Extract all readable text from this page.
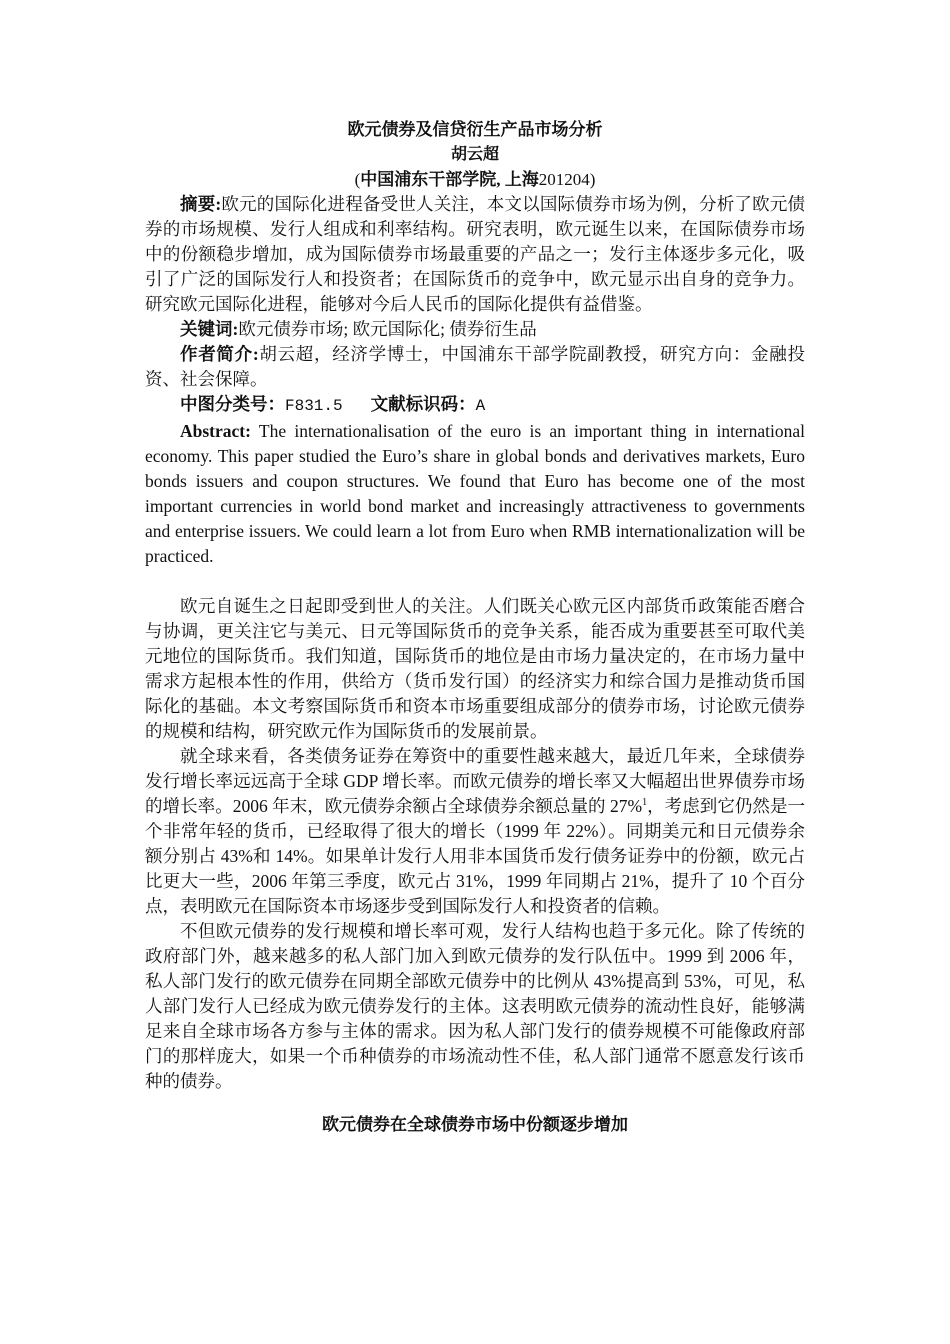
欧元债券及信贷衍生产品市场分析
胡云超
(中国浦东干部学院, 上海201204)

摘要:欧元的国际化进程备受世人关注，本文以国际债券市场为例，分析了欧元债券的市场规模、发行人组成和利率结构。研究表明，欧元诞生以来，在国际债券市场中的份额稳步增加，成为国际债券市场最重要的产品之一；发行主体逐步多元化，吸引了广泛的国际发行人和投资者；在国际货币的竞争中，欧元显示出自身的竞争力。研究欧元国际化进程，能够对今后人民币的国际化提供有益借鉴。

关键词:欧元债券市场; 欧元国际化; 债券衍生品

作者简介:胡云超，经济学博士，中国浦东干部学院副教授，研究方向：金融投资、社会保障。

中图分类号：F831.5 文献标识码：A

Abstract: The internationalisation of the euro is an important thing in international economy. This paper studied the Euro’s share in global bonds and derivatives markets, Euro bonds issuers and coupon structures. We found that Euro has become one of the most important currencies in world bond market and increasingly attractiveness to governments and enterprise issuers. We could learn a lot from Euro when RMB internationalization will be practiced.

欧元自诞生之日起即受到世人的关注。人们既关心欧元区内部货币政策能否磨合与协调，更关注它与美元、日元等国际货币的竞争关系，能否成为重要甚至可取代美元地位的国际货币。我们知道，国际货币的地位是由市场力量决定的，在市场力量中需求方起根本性的作用，供给方（货币发行国）的经济实力和综合国力是推动货币国际化的基础。本文考察国际货币和资本市场重要组成部分的债券市场，讨论欧元债券的规模和结构，研究欧元作为国际货币的发展前景。

就全球来看，各类债务证券在筹资中的重要性越来越大，最近几年来，全球债券发行增长率远远高于全球 GDP 增长率。而欧元债券的增长率又大幅超出世界债券市场的增长率。2006 年末，欧元债券余额占全球债券余额总量的 27%$^1$，考虑到它仍然是一个非常年轻的货币，已经取得了很大的增长（1999 年 22%）。同期美元和日元债券余额分别占 43%和 14%。如果单计发行人用非本国货币发行债务证券中的份额，欧元占比更大一些，2006 年第三季度，欧元占 31%，1999 年同期占 21%，提升了 10 个百分点，表明欧元在国际资本市场逐步受到国际发行人和投资者的信赖。

不但欧元债券的发行规模和增长率可观，发行人结构也趋于多元化。除了传统的政府部门外，越来越多的私人部门加入到欧元债券的发行队伍中。1999 到 2006 年，私人部门发行的欧元债券在同期全部欧元债券中的比例从 43%提高到 53%，可见，私人部门发行人已经成为欧元债券发行的主体。这表明欧元债券的流动性良好，能够满足来自全球市场各方参与主体的需求。因为私人部门发行的债券规模不可能像政府部门的那样庞大，如果一个币种债券的市场流动性不佳，私人部门通常不愿意发行该币种的债券。

欧元债券在全球债券市场中份额逐步增加
